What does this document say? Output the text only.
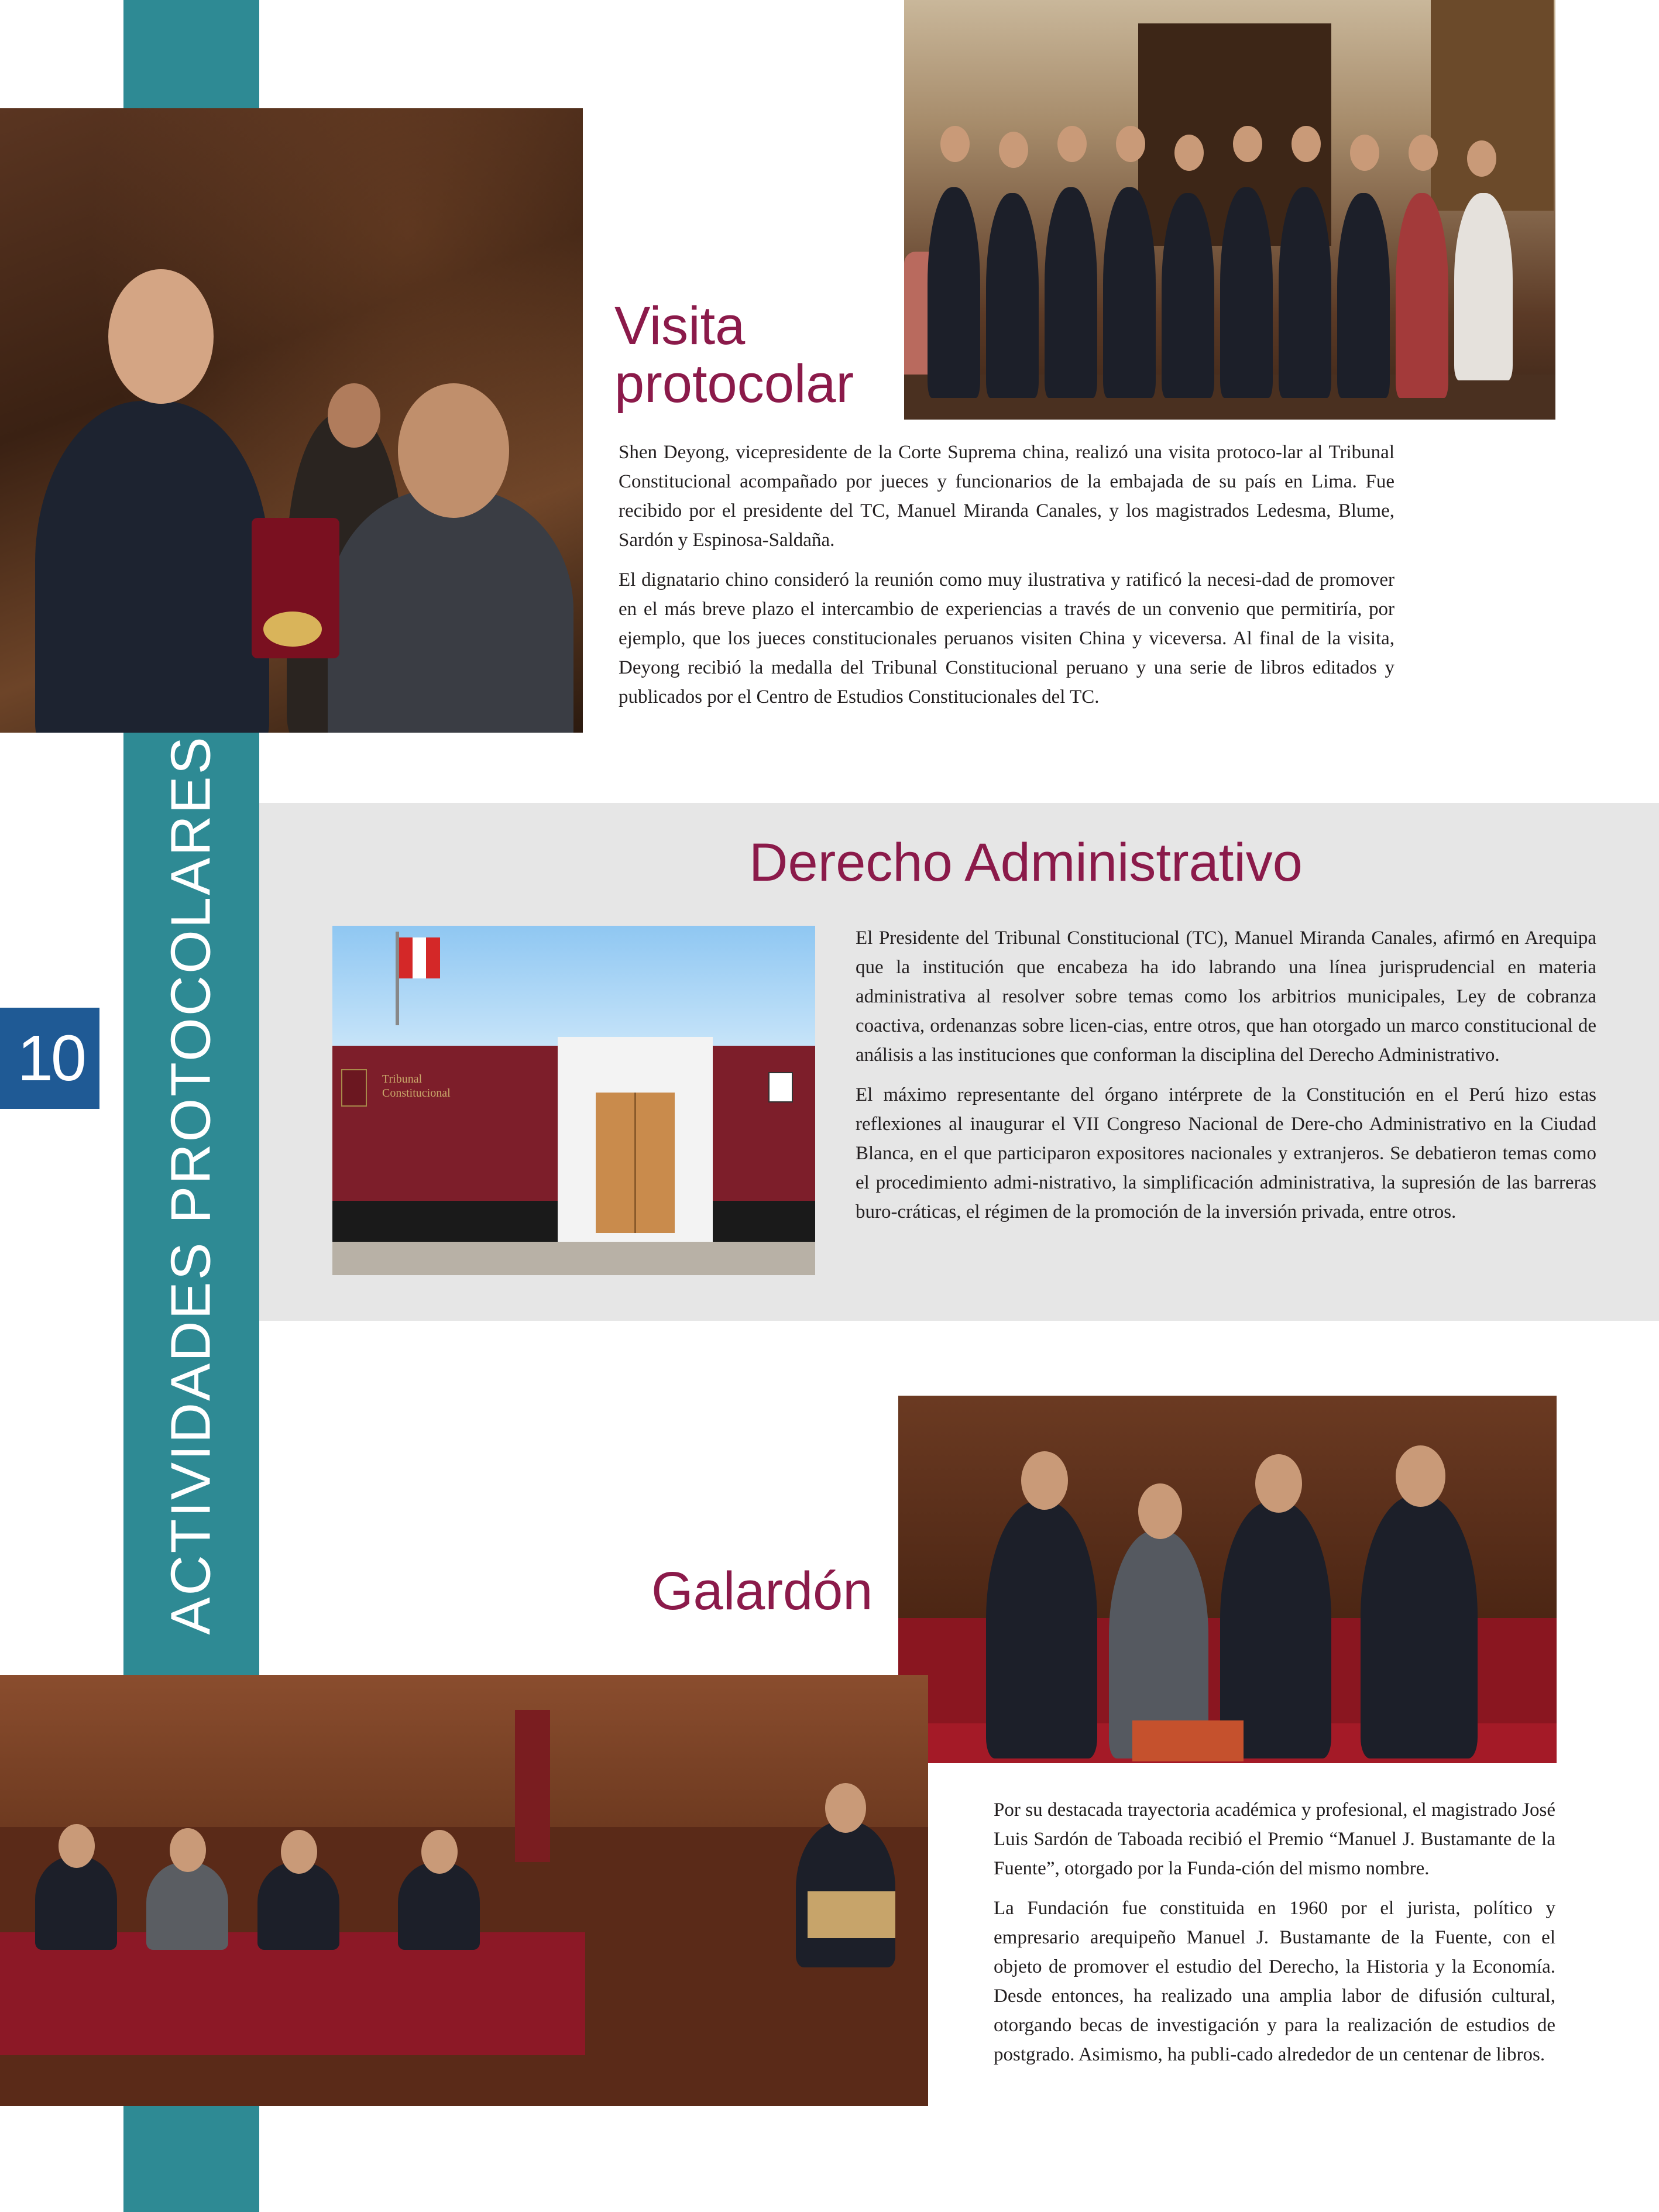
ACTIVIDADES PROTOCOLARES
10
Visita
protocolar

Shen Deyong, vicepresidente de la Corte Suprema china, realizó una visita protoco-lar al Tribunal Constitucional acompañado por jueces y funcionarios de la embajada de su país en Lima. Fue recibido por el presidente del TC, Manuel Miranda Canales, y los magistrados Ledesma, Blume, Sardón y Espinosa-Saldaña.

El dignatario chino consideró la reunión como muy ilustrativa y ratificó la necesi-dad de promover en el más breve plazo el intercambio de experiencias a través de un convenio que permitiría, por ejemplo, que los jueces constitucionales peruanos visiten China y viceversa. Al final de la visita, Deyong recibió la medalla del Tribunal Constitucional peruano y una serie de libros editados y publicados por el Centro de Estudios Constitucionales del TC.

Derecho Administrativo
Tribunal Constitucional

El Presidente del Tribunal Constitucional (TC), Manuel Miranda Canales, afirmó en Arequipa que la institución que encabeza ha ido labrando una línea jurisprudencial en materia administrativa al resolver sobre temas como los arbitrios municipales, Ley de cobranza coactiva, ordenanzas sobre licen-cias, entre otros, que han otorgado un marco constitucional de análisis a las instituciones que conforman la disciplina del Derecho Administrativo.

El máximo representante del órgano intérprete de la Constitución en el Perú hizo estas reflexiones al inaugurar el VII Congreso Nacional de Dere-cho Administrativo en la Ciudad Blanca, en el que participaron expositores nacionales y extranjeros. Se debatieron temas como el procedimiento admi-nistrativo, la simplificación administrativa, la supresión de las barreras buro-cráticas, el régimen de la promoción de la inversión privada, entre otros.

Galardón

Por su destacada trayectoria académica y profesional, el magistrado José Luis Sardón de Taboada recibió el Premio “Manuel J. Bustamante de la Fuente”, otorgado por la Funda-ción del mismo nombre.

La Fundación fue constituida en 1960 por el jurista, político y empresario arequipeño Manuel J. Bustamante de la Fuente, con el objeto de promover el estudio del Derecho, la Historia y la Economía. Desde entonces, ha realizado una amplia labor de difusión cultural, otorgando becas de investigación y para la realización de estudios de postgrado. Asimismo, ha publi-cado alrededor de un centenar de libros.
